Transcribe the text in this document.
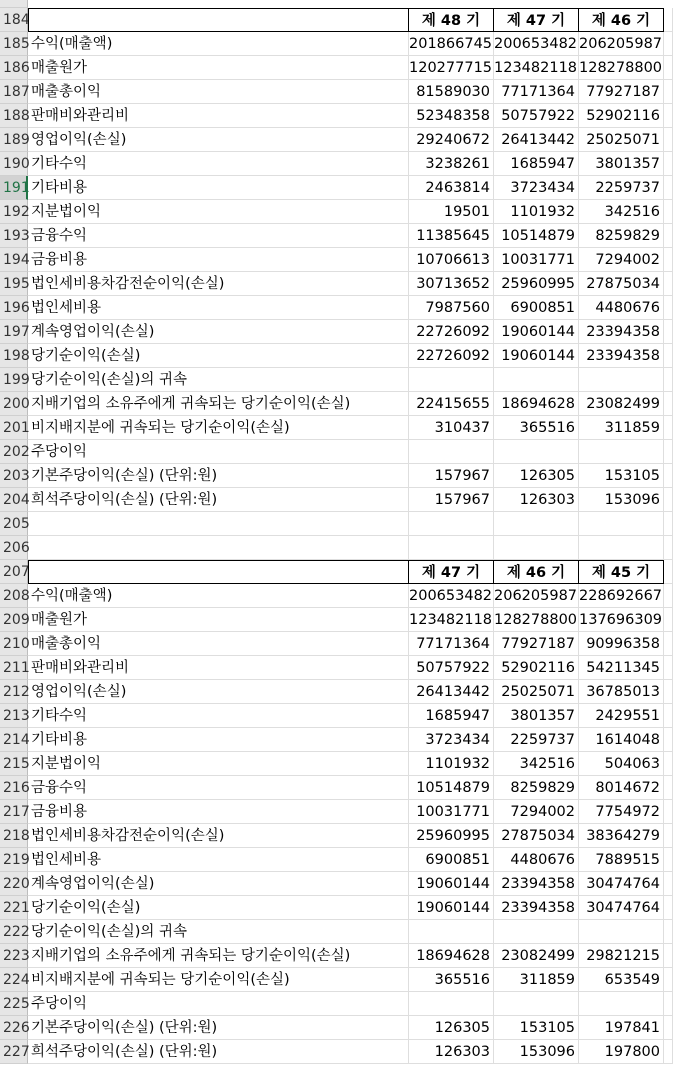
184	제 48 기	제 47 기	제 46 기
185 수익(매출액)	201866745 200653482 206205987
186 매출원가	120277715 123482118 128278800
187 매출총이익	81589030 77171364 77927187
188 판매비와관리비	52348358 50757922 52902116
189 영업이익(손실)	29240672 26413442 25025071
190 기타수익	3238261	1685947	3801357
191 기타비용	2463814	3723434	2259737
192 지분법이익	19501	1101932	342516
193 금융수익	11385645 10514879	8259829
194 금융비용	10706613 10031771	7294002
195 법인세비용차감전순이익(손실)	30713652 25960995 27875034
196 법인세비용	7987560	6900851	4480676
197 계속영업이익(손실)	22726092 19060144 23394358
198 당기순이익(손실)	22726092 19060144 23394358
199 당기순이익(손실)의 귀속
200 지배기업의 소유주에게 귀속되는 당기순이익(손실)	22415655 18694628 23082499
201 비지배지분에 귀속되는 당기순이익(손실)	310437	365516	311859
202 주당이익
203 기본주당이익(손실) (단위:원)	157967	126305	153105
204 희석주당이익(손실) (단위:원)	157967	126303	153096
205
206
207	제 47 기	제 46 기	제 45 기
208 수익(매출액)	200653482 206205987 228692667
209 매출원가	123482118 128278800 137696309
210 매출총이익	77171364 77927187 90996358
211 판매비와관리비	50757922 52902116 54211345
212 영업이익(손실)	26413442 25025071 36785013
213 기타수익	1685947	3801357	2429551
214 기타비용	3723434	2259737	1614048
215 지분법이익	1101932	342516	504063
216 금융수익	10514879	8259829	8014672
217 금융비용	10031771	7294002	7754972
218 법인세비용차감전순이익(손실)	25960995 27875034 38364279
219 법인세비용	6900851	4480676	7889515
220 계속영업이익(손실)	19060144 23394358 30474764
221 당기순이익(손실)	19060144 23394358 30474764
222 당기순이익(손실)의 귀속
223 지배기업의 소유주에게 귀속되는 당기순이익(손실)	18694628 23082499 29821215
224 비지배지분에 귀속되는 당기순이익(손실)	365516	311859	653549
225 주당이익
226 기본주당이익(손실) (단위:원)	126305	153105	197841
227 희석주당이익(손실) (단위:원)	126303	153096	197800
